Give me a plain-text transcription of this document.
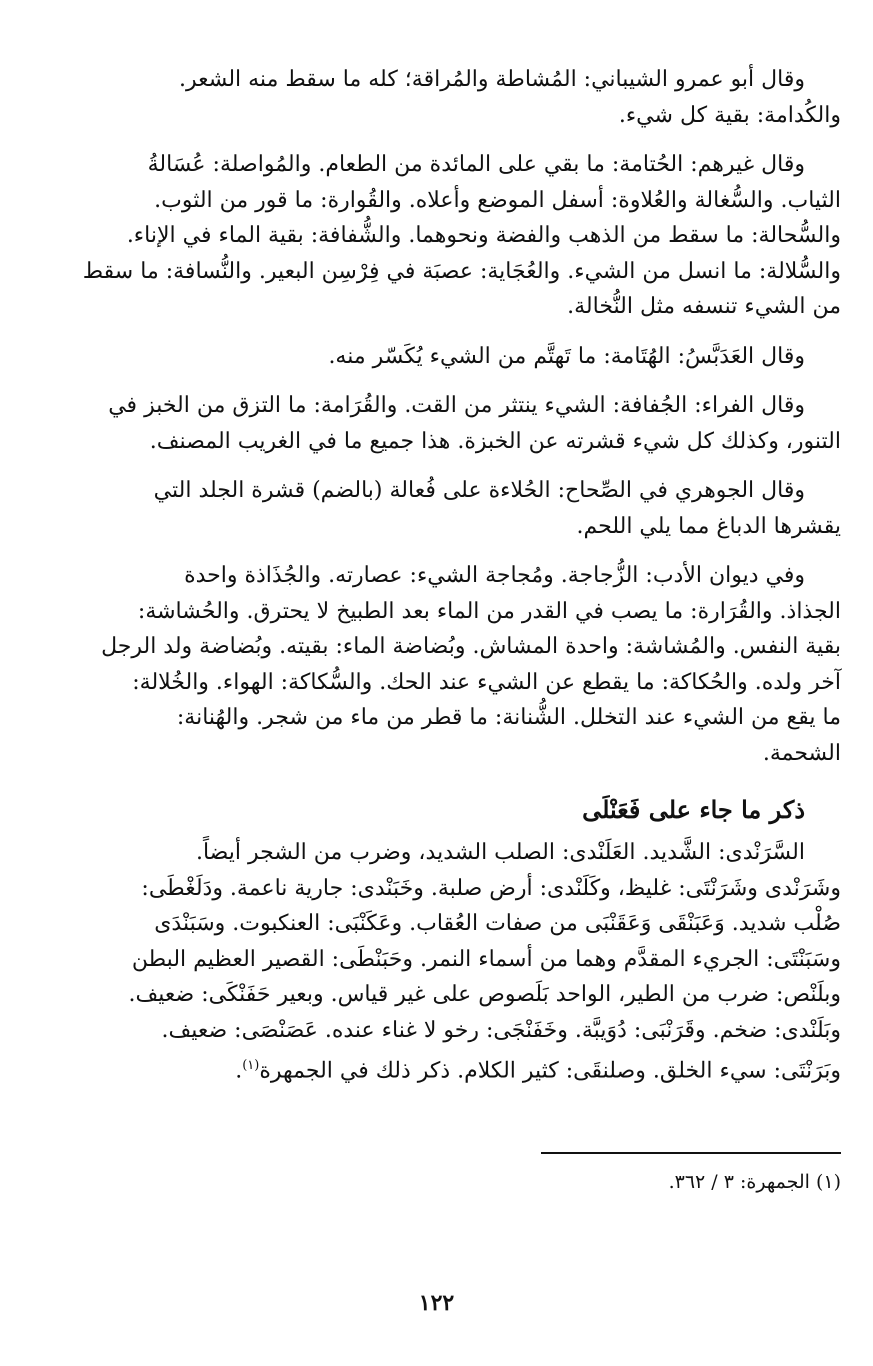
وقال أبو عمرو الشيباني: المُشاطة والمُراقة؛ كله ما سقط منه الشعر.
والكُدامة: بقية كل شيء.
وقال غيرهم: الحُتامة: ما بقي على المائدة من الطعام. والمُواصلة: عُسَالةُ
الثياب. والسُّغالة والعُلاوة: أسفل الموضع وأعلاه. والقُوارة: ما قور من الثوب.
والسُّحالة: ما سقط من الذهب والفضة ونحوهما. والشُّفافة: بقية الماء في الإناء.
والسُّلالة: ما انسل من الشيء. والعُجَاية: عصبَة في فِرْسِن البعير. والنُّسافة: ما سقط
من الشيء تنسفه مثل النُّخالة.
وقال العَدَبَّسُ: الهُتَامة: ما تَهتَّم من الشيء يُكَسّر منه.
وقال الفراء: الجُفافة: الشيء ينتثر من القت. والقُرَامة: ما التزق من الخبز في
التنور، وكذلك كل شيء قشرته عن الخبزة. هذا جميع ما في الغريب المصنف.
وقال الجوهري في الصِّحاح: الحُلاءة على فُعالة (بالضم) قشرة الجلد التي
يقشرها الدباغ مما يلي اللحم.
وفي ديوان الأدب: الزُّجاجة. ومُجاجة الشيء: عصارته. والجُذَاذة واحدة
الجذاذ. والقُرَارة: ما يصب في القدر من الماء بعد الطبيخ لا يحترق. والحُشاشة:
بقية النفس. والمُشاشة: واحدة المشاش. وبُضاضة الماء: بقيته. وبُضاضة ولد الرجل
آخر ولده. والحُكاكة: ما يقطع عن الشيء عند الحك. والسُّكاكة: الهواء. والخُلالة:
ما يقع من الشيء عند التخلل. الشُّنانة: ما قطر من ماء من شجر. والهُنانة:
الشحمة.
ذكر ما جاء على فَعَنْلَى
السَّرَنْدى: الشَّديد. العَلَنْدى: الصلب الشديد، وضرب من الشجر أيضاً.
وشَرَنْدى وشَرَنْتَى: غليظ، وكَلَنْدى: أرض صلبة. وخَبَنْدى: جارية ناعمة. ودَلَغْطَى:
صُلْب شديد. وَعَبَنْقَى وَعَقَنْبَى من صفات العُقاب. وعَكَنْبَى: العنكبوت. وسَبَنْدَى
وسَبَنْتَى: الجريء المقدَّم وهما من أسماء النمر. وحَبَنْطَى: القصير العظيم البطن
وبلَنْص: ضرب من الطير، الواحد بَلَصوص على غير قياس. وبعير حَفَنْكَى: ضعيف.
وبَلَنْدى: ضخم. وقَرَنْبَى: دُوَيبَّة. وخَفَنْجَى: رخو لا غناء عنده. عَصَنْصَى: ضعيف.
وبَرَنْتَى: سيء الخلق. وصلنقَى: كثير الكلام. ذكر ذلك في الجمهرة$^{(١)}$.
(١) الجمهرة: ٣ / ٣٦٢.
١٢٢
